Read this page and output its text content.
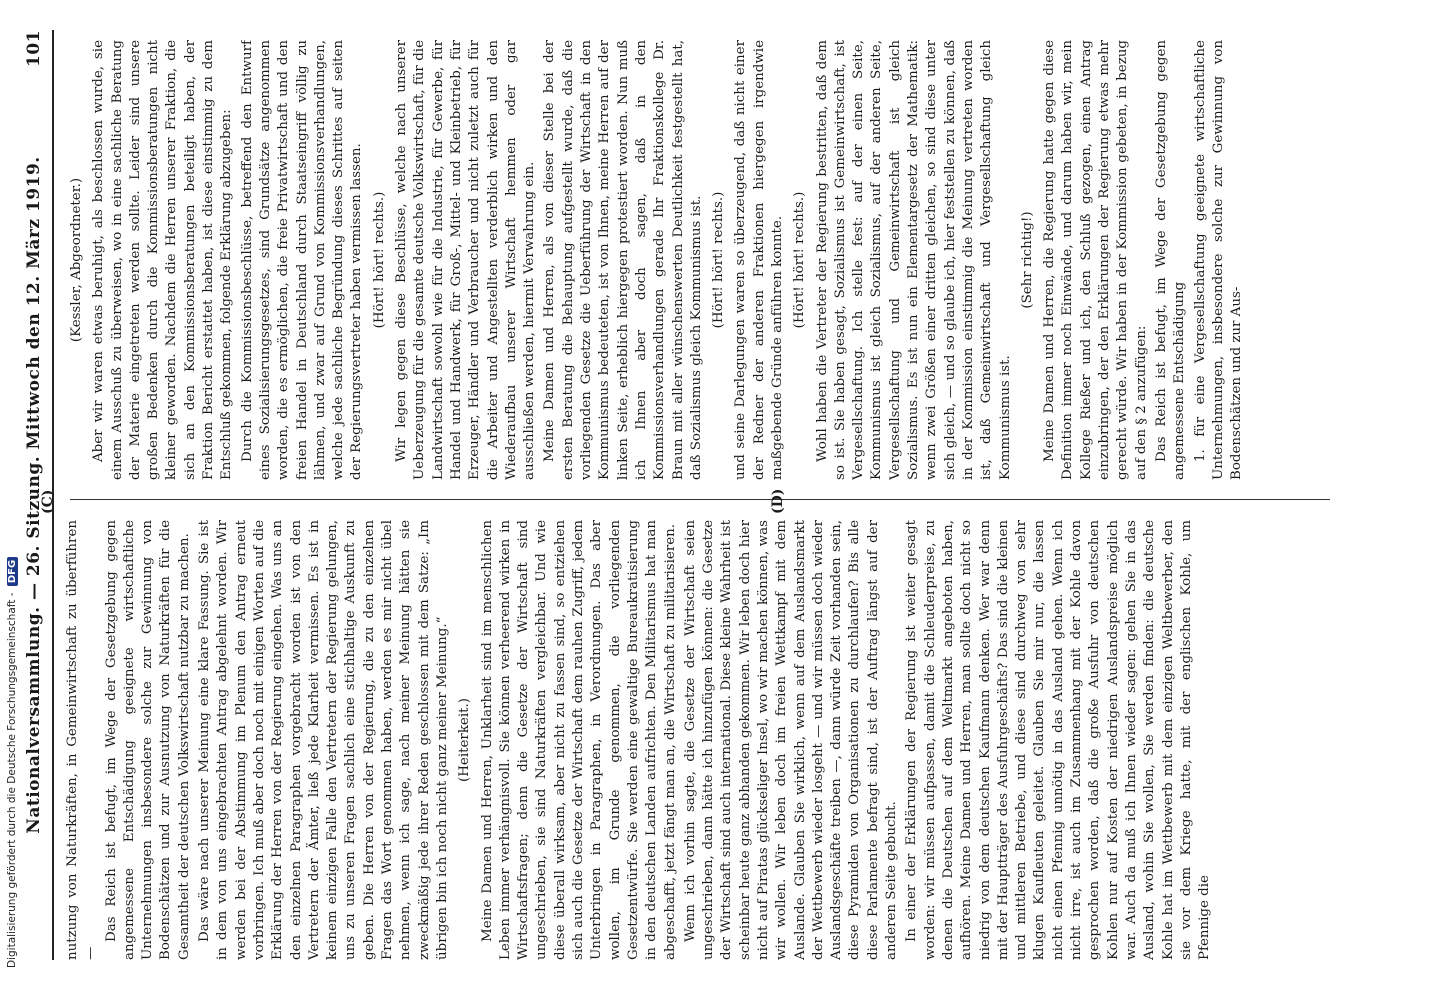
Nationalversammlung. — 26. Sitzung. Mittwoch den 12. März 1919.
101

nutzung von Naturkräften, in Gemeinwirtschaft zu überführen —

Das Reich ist befugt, im Wege der Gesetzgebung gegen angemessene Entschädigung geeignete wirtschaftliche Unternehmungen insbesondere solche zur Gewinnung von Bodenschätzen und zur Ausnutzung von Naturkräften für die Gesamtheit der deutschen Volkswirtschaft nutzbar zu machen. Das wäre nach unserer Meinung eine klare Fassung. Sie ist in dem von uns eingebrachten Antrag abgelehnt worden. Wir werden bei der Abstimmung im Plenum den Antrag erneut vorbringen. Ich muß aber doch noch mit einigen Worten auf die Erklärung der Herren von der Regierung eingehen. Was uns an den einzelnen Paragraphen vorgebracht worden ist von den Vertretern der Ämter, ließ jede Klarheit vermissen. Es ist in keinem einzigen Falle den Vertretern der Regierung gelungen, uns zu unseren Fragen sachlich eine stichhaltige Auskunft zu geben. Die Herren von der Regierung, die zu den einzelnen Fragen das Wort genommen haben, werden es mir nicht übel nehmen, wenn ich sage, nach meiner Meinung hätten sie zweckmäßig jede ihrer Reden geschlossen mit dem Satze: „Im übrigen bin ich noch nicht ganz meiner Meinung.“ (Heiterkeit.) Meine Damen und Herren, Unklarheit sind im menschlichen Leben immer verhängnisvoll. Sie können verheerend wirken in Wirtschaftsfragen; denn die Gesetze der Wirtschaft sind ungeschrieben, sie sind Naturkräften vergleichbar. Und wie diese überall wirksam, aber nicht zu fassen sind, so entziehen sich auch die Gesetze der Wirtschaft dem rauhen Zugriff, jedem Unterbringen in Paragraphen, in Verordnungen. Das aber wollen, im Grunde genommen, die vorliegenden Gesetzentwürfe. Sie werden eine gewaltige Bureaukratisierung in den deutschen Landen aufrichten. Den Militarismus hat man abgeschafft, jetzt fängt man an, die Wirtschaft zu militarisieren. Wenn ich vorhin sagte, die Gesetze der Wirtschaft seien ungeschrieben, dann hätte ich hinzufügen können: die Gesetze der Wirtschaft sind auch international. Diese kleine Wahrheit ist scheinbar heute ganz abhanden gekommen. Wir leben doch hier nicht auf Piratas glückseliger Insel, wo wir machen können, was wir wollen. Wir leben doch im freien Wettkampf mit dem Auslande. Glauben Sie wirklich, wenn auf dem Auslandsmarkt der Wettbewerb wieder losgeht — und wir müssen doch wieder Auslandsgeschäfte treiben —, dann würde Zeit vorhanden sein, diese Pyramiden von Organisationen zu durchlaufen? Bis alle diese Parlamente befragt sind, ist der Auftrag längst auf der anderen Seite gebucht. In einer der Erklärungen der Regierung ist weiter gesagt worden: wir müssen aufpassen, damit die Schleuderpreise, zu denen die Deutschen auf dem Weltmarkt angeboten haben, aufhören. Meine Damen und Herren, man sollte doch nicht so niedrig von dem deutschen Kaufmann denken. Wer war denn mit der Hauptträger des Ausfuhrgeschäfts? Das sind die kleinen und mittleren Betriebe, und diese sind durchweg von sehr klugen Kaufleuten geleitet. Glauben Sie mir nur, die lassen nicht einen Pfennig unnötig in das Ausland gehen. Wenn ich nicht irre, ist auch im Zusammenhang mit der Kohle davon gesprochen worden, daß die große Ausfuhr von deutschen Kohlen nur auf Kosten der niedrigen Auslandspreise möglich war. Auch da muß ich Ihnen wieder sagen: gehen Sie in das Ausland, wohin Sie wollen, Sie werden finden: die deutsche Kohle hat im Wettbewerb mit dem einzigen Weltbewerber, den sie vor dem Kriege hatte, mit der englischen Kohle, um Pfennige die

(Kessler, Abgeordneter.) Aber wir waren etwas beruhigt, als beschlossen wurde, sie einem Ausschuß zu überweisen, wo in eine sachliche Beratung der Materie eingetreten werden sollte. Leider sind unsere großen Bedenken durch die Kommissionsberatungen nicht kleiner geworden. Nachdem die Herren unserer Fraktion, die sich an den Kommissionsberatungen beteiligt haben, der Fraktion Bericht erstattet haben, ist diese einstimmig zu dem Entschluß gekommen, folgende Erklärung abzugeben: Durch die Kommissionsbeschlüsse, betreffend den Entwurf eines Sozialisierungsgesetzes, sind Grundsätze angenommen worden, die es ermöglichen, die freie Privatwirtschaft und den freien Handel in Deutschland durch Staatseingriff völlig zu lähmen, und zwar auf Grund von Kommissionsverhandlungen, welche jede sachliche Begründung dieses Schrittes auf seiten der Regierungsvertreter haben vermissen lassen. (Hört! hört! rechts.) Wir legen gegen diese Beschlüsse, welche nach unserer Ueberzeugung für die gesamte deutsche Volkswirtschaft, für die Landwirtschaft sowohl wie für die Industrie, für Gewerbe, für Handel und Handwerk, für Groß-, Mittel- und Kleinbetrieb, für Erzeuger, Händler und Verbraucher und nicht zuletzt auch für die Arbeiter und Angestellten verderblich wirken und den Wiederaufbau unserer Wirtschaft hemmen oder gar ausschließen werden, hiermit Verwahrung ein. Meine Damen und Herren, als von dieser Stelle bei der ersten Beratung die Behauptung aufgestellt wurde, daß die vorliegenden Gesetze die Ueberführung der Wirtschaft in den Kommunismus bedeuteten, ist von Ihnen, meine Herren auf der linken Seite, erheblich hiergegen protestiert worden. Nun muß ich Ihnen aber doch sagen, daß in den Kommissionsverhandlungen gerade Ihr Fraktionskollege Dr. Braun mit aller wünschenswerten Deutlichkeit festgestellt hat, daß Sozialismus gleich Kommunismus ist. (Hört! hört! rechts.) und seine Darlegungen waren so überzeugend, daß nicht einer der Redner der anderen Fraktionen hiergegen irgendwie maßgebende Gründe anführen konnte. (Hört! hört! rechts.) Wohl haben die Vertreter der Regierung bestritten, daß dem so ist. Sie haben gesagt, Sozialismus ist Gemeinwirtschaft, ist Vergesellschaftung. Ich stelle fest: auf der einen Seite, Kommunismus ist gleich Sozialismus, auf der anderen Seite, Vergesellschaftung und Gemeinwirtschaft ist gleich Sozialismus. Es ist nun ein Elementargesetz der Mathematik: wenn zwei Größen einer dritten gleichen, so sind diese unter sich gleich, — und so glaube ich, hier feststellen zu können, daß in der Kommission einstimmig die Meinung vertreten worden ist, daß Gemeinwirtschaft und Vergesellschaftung gleich Kommunismus ist.

(Sehr richtig!) Meine Damen und Herren, die Regierung hatte gegen diese Definition immer noch Einwände, und darum haben wir, mein Kollege Rießer und ich, den Schluß gezogen, einen Antrag einzubringen, der den Erklärungen der Regierung etwas mehr gerecht würde. Wir haben in der Kommission gebeten, in bezug auf den § 2 anzufügen: Das Reich ist befugt, im Wege der Gesetzgebung gegen angemessene Entschädigung 1. für eine Vergesellschaftung geeignete wirtschaftliche Unternehmungen, insbesondere solche zur Gewinnung von Bodenschätzen und zur Aus-

(C)	(D)
Digitalisierung gefördert durch die Deutsche Forschungsgemeinschaft - DFG
